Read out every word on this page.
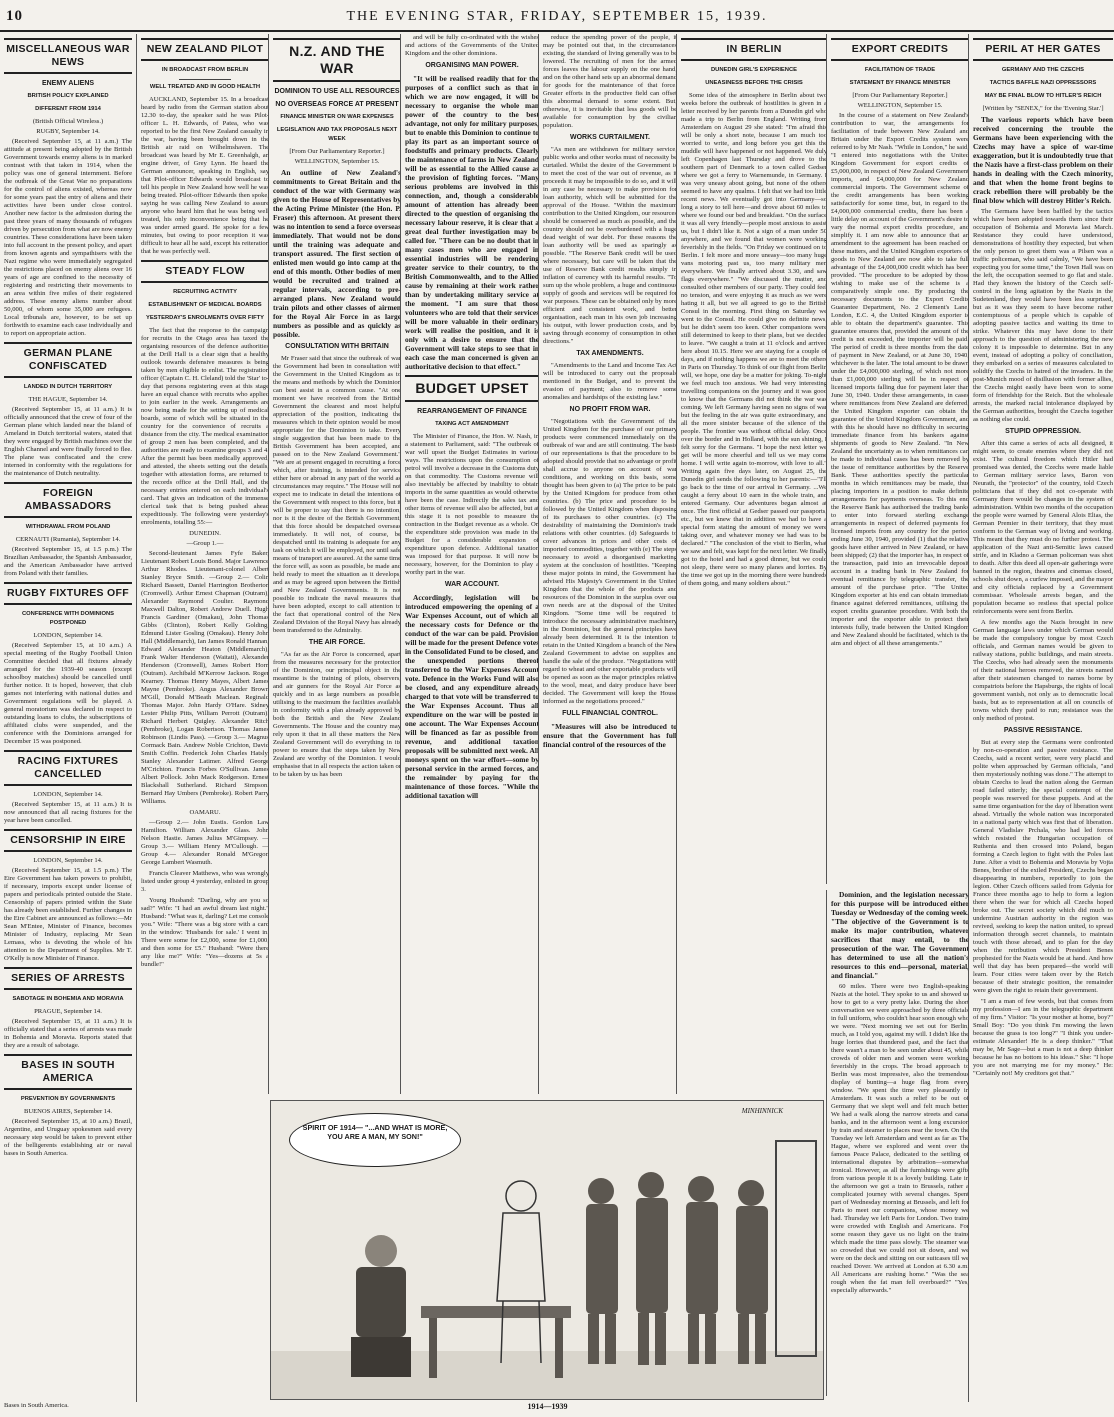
10	THE EVENING STAR, FRIDAY, SEPTEMBER 15, 1939.
MISCELLANEOUS WAR NEWS
ENEMY ALIENS
BRITISH POLICY EXPLAINED
DIFFERENT FROM 1914
(British Official Wireless.)
RUGBY, September 14.

(Received September 15, at 11 a.m.) The attitude at present being adopted by the British Government towards enemy aliens is in marked contrast with that taken in 1914, when the policy was one of general internment. Before the outbreak of the Great War no preparations for the control of aliens existed, whereas now for some years past the entry of aliens and their activities have been under close control. Another new factor is the admission during the past three years of many thousands of refugees driven by persecution from what are now enemy countries. These considerations have been taken into full account in the present policy, and apart from known agents and sympathisers with the Nazi regime who were immediately segregated the restrictions placed on enemy aliens over 16 years of age are confined to the necessity of registering and restricting their movements to an area within five miles of their registered address. These enemy aliens number about 50,000, of whom some 35,000 are refugees. Local tribunals are, however, to be set up forthwith to examine each case individually and to report on appropriate action.

GERMAN PLANE CONFISCATED
LANDED IN DUTCH TERRITORY
THE HAGUE, September 14.

(Received September 15, at 11 a.m.) It is officially announced that the crew of four of the German plane which landed near the Island of Ameland in Dutch territorial waters, stated that they were engaged by British machines over the English Channel and were finally forced to flee. The plane was confiscated and the crew interned in conformity with the regulations for the maintenance of Dutch neutrality.

FOREIGN AMBASSADORS
WITHDRAWAL FROM POLAND
CERNAUTI (Rumania), September 14.

(Received September 15, at 1.5 p.m.) The Brazilian Ambassador, the Spanish Ambassador, and the American Ambassador have arrived from Poland with their families.

RUGBY FIXTURES OFF
CONFERENCE WITH DOMINIONS POSTPONED
LONDON, September 14.

(Received September 15, at 10 a.m.) A special meeting of the Rugby Football Union Committee decided that all fixtures already arranged for the 1939-40 season (except schoolboy matches) should be cancelled until further notice. It is hoped, however, that club games not interfering with national duties and Government regulations will be played. A general moratorium was declared in respect to outstanding loans to clubs, the subscriptions of affiliated clubs were suspended, and the conference with the Dominions arranged for December 15 was postponed.

RACING FIXTURES CANCELLED
LONDON, September 14.

(Received September 15, at 11 a.m.) It is now announced that all racing fixtures for the year have been cancelled.

CENSORSHIP IN EIRE
LONDON, September 14.

(Received September 15, at 1.5 p.m.) The Eire Government has taken powers to prohibit, if necessary, imports except under license of papers and periodicals printed outside the State. Censorship of papers printed within the State has already been established. Further changes in the Eire Cabinet are announced as follows:—Mr Sean M'Entee, Minister of Finance, becomes Minister of Industry, replacing Mr Sean Lemass, who is devoting the whole of his attention to the Department of Supplies. Mr T. O'Kelly is now Minister of Finance.

SERIES OF ARRESTS
SABOTAGE IN BOHEMIA AND MORAVIA
PRAGUE, September 14.

(Received September 15, at 11 a.m.) It is officially stated that a series of arrests was made in Bohemia and Moravia. Reports stated that they are a result of sabotage.

BASES IN SOUTH AMERICA
PREVENTION BY GOVERNMENTS
BUENOS AIRES, September 14.

(Received September 15, at 10 a.m.) Brazil, Argentine, and Uruguay spokesmen said every necessary step would be taken to prevent either of the belligerents establishing air or naval bases in South America.

NEW ZEALAND PILOT
IN BROADCAST FROM BERLIN
WELL TREATED AND IN GOOD HEALTH

AUCKLAND, September 15. In a broadcast heard by radio from the German station about 12.30 to-day, the speaker said he was Pilot-officer L. H. Edwards, of Patea, who was reported to be the first New Zealand casualty in the war, having been brought down in the British air raid on Wilhelmshaven. The broadcast was heard by Mr E. Greenhalgh, an engine driver, of Grey Lynn. He heard the German announcer, speaking in English, say that Pilot-officer Edwards would broadcast to tell his people in New Zealand how well he was being treated. Pilot-officer Edwards then spoke, saying he was calling New Zealand to assure anyone who heard him that he was being well treated, his only inconvenience being that he was under armed guard. He spoke for a few minutes, but owing to poor reception it was difficult to hear all he said, except his reiteration that he was perfectly well.

STEADY FLOW
RECRUITING ACTIVITY
ESTABLISHMENT OF MEDICAL BOARDS
YESTERDAY'S ENROLMENTS OVER FIFTY

The fact that the response to the campaign for recruits in the Otago area has taxed the organising resources of the defence authorities at the Drill Hall is a clear sign that a healthy outlook towards defensive measures is being taken by men eligible to enlist. The registration officer (Captain C. H. Cleland) told the 'Star' to-day that persons registering even at this stage have an equal chance with recruits who applied to join earlier in the week. Arrangements are now being made for the setting up of medical boards, some of which will be situated in the country for the convenience of recruits a distance from the city. The medical examination of group 2 men has been completed, and the authorities are ready to examine groups 3 and 4. After the permit has been medically approved, and attested, the sheets setting out the details, together with attestation forms, are returned to the records office at the Drill Hall, and the necessary entries entered on each individual's card. That gives an indication of the immense clerical task that is being pushed ahead expeditiously. The following were yesterday's enrolments, totalling 55:—

DUNEDIN.
—Group 1.—

Second-lieutenant James Fyfe Baker, Lieutenant Robert Louis Bond. Major Lawrence Arthur Rhodes. Lieutenant-colonel Albert Stanley Bryce Smith. —Group 2.— Colin Richard Bassett, Daniel Harrington Brotherton (Cromwell). Arthur Ernest Chapman (Outram), Alexander Raymond Coulter. Raymond Maxwell Dalton, Robert Andrew Duell. Hugh Francis Gardiner (Omakau), John Thomas Gibbs (Clinton), Robert Kelly Golding, Edmund Lister Gosling (Omakau). Henry John Hall (Middlemarch), Ian James Ronald Hannan, Edward Alexander Heaton (Middlemarch), Frank Walter Henderson (Waitati), Alexander Henderson (Cromwell), James Robert Horn (Outram). Archibald M'Kerrow Jackson. Roger Kearney. Thomas Henry Mayes, Albert James Mayne (Pembroke). Angus Alexander Brown M'Gill, Donald M'Beath Maclean. Reginald Thomas Major. John Hardy O'Hare. Sidney Lester Philip Pitts, William Perrott (Outram). Richard Herbert Quigley. Alexander Ritch (Pembroke), Logan Robertson. Thomas James Robinson (Lindis Pass). —Group 3.— Magnus Cormack Bain. Andrew Noble Crichton, David Smith Coffin. Frederick John Charles Hatsly. Stanley Alexander Latimer. Alfred George M'Crichton. Francis Forbes O'Sullivan. James Albert Pollock. John Mack Rodgerson. Ernest Blackshall Sutherland. Richard Simpson. Bernard Hay Umbers (Pembroke). Robert Parry Williams.

OAMARU.

—Group 2.— John Eustis. Gordon Law Hamilton. William Alexander Glass. John Nelson Hastie. James Julius M'Gimpsey. —Group 3.— William Henry M'Cullough. —Group 4.— Alexander Ronald M'Gregor. George Lambert Wasmuth.

Francis Cleaver Matthews, who was wrongly listed under group 4 yesterday, enlisted in group 3.

Young Husband: "Darling, why are you so sad?" Wife: "I had an awful dream last night." Husband: "What was it, darling? Let me console you." Wife: "There was a big store with a card in the window: 'Husbands for sale.' I went in. There were some for £2,000, some for £1,000, and then some for £5." Husband: "Were there any like me?" Wife: "Yes—dozens at 5s a bundle!"

N.Z. AND THE WAR
DOMINION TO USE ALL RESOURCES
NO OVERSEAS FORCE AT PRESENT
FINANCE MINISTER ON WAR EXPENSES
LEGISLATION AND TAX PROPOSALS NEXT WEEK
[From Our Parliamentary Reporter.]
WELLINGTON, September 15.

An outline of New Zealand's commitments to Great Britain and the conduct of the war with Germany was given to the House of Representatives by the Acting Prime Minister (the Hon. P. Fraser) this afternoon. At present there was no intention to send a force overseas immediately. That would not be done until the training was adequate and transport assured. The first section of enlisted men would go into camp at the end of this month. Other bodies of men would be recruited and trained at regular intervals, according to pre-arranged plans. New Zealand would train pilots and other classes of airmen for the Royal Air Force in as large numbers as possible and as quickly as possible.

CONSULTATION WITH BRITAIN

Mr Fraser said that since the outbreak of war the Government had been in consultation with the Government in the United Kingdom as to the means and methods by which the Dominion can best assist in a common cause. "At one moment we have received from the British Government the clearest and most helpful appreciation of the position, indicating the measures which in their opinion would be most appropriate for the Dominion to take. Every single suggestion that has been made to the British Government has been accepted, and passed on to the New Zealand Government." "We are at present engaged in recruiting a force which, after training, is intended for service either here or abroad in any part of the world as circumstances may require." The House will not expect me to indicate in detail the intentions of the Government with respect to this force, but it will be proper to say that there is no intention, nor is it the desire of the British Government, that this force should be despatched overseas immediately. It will not, of course, be despatched until its training is adequate for any task on which it will be employed, nor until safe means of transport are assured. At the same time the force will, as soon as possible, be made and held ready to meet the situation as it develops, and as may be agreed upon between the British and New Zealand Governments. It is not possible to indicate the naval measures that have been adopted, except to call attention to the fact that operational control of the New Zealand Division of the Royal Navy has already been transferred to the Admiralty.

THE AIR FORCE.

"As far as the Air Force is concerned, apart from the measures necessary for the protection of the Dominion, our principal object in the meantime is the training of pilots, observers, and air gunners for the Royal Air Force as quickly and in as large numbers as possible, utilising to the maximum the facilities available in conformity with a plan already approved by both the British and the New Zealand Governments. The House and the country may rely upon it that in all these matters the New Zealand Government will do everything in its power to ensure that the steps taken by New Zealand are worthy of the Dominion. I would emphasise that in all respects the action taken or to be taken by us has been

and will be fully co-ordinated with the wishes and actions of the Governments of the United Kingdom and the other dominions.

ORGANISING MAN POWER.

"It will be realised readily that for the purposes of a conflict such as that in which we are now engaged, it will be necessary to organise the whole man power of the country to the best advantage, not only for military purposes, but to enable this Dominion to continue to play its part as an important source of foodstuffs and primary products. Clearly the maintenance of farms in New Zealand will be as essential to the Allied cause as the provision of fighting forces. "Many serious problems are involved in this connection, and, though a considerable amount of attention has already been directed to the question of organising the necessary labour reserve, it is clear that a great deal further investigation may be called for. "There can be no doubt that in many cases men who are engaged in essential industries will be rendering greater service to their country, to the British Commonwealth, and to the Allied cause by remaining at their work rather than by undertaking military service at the moment. "I am sure that those volunteers who are told that their services will be more valuable in their ordinary work will realise the position, and it is only with a desire to ensure that the Government will take steps to see that in each case the man concerned is given an authoritative decision to that effect."

BUDGET UPSET
REARRANGEMENT OF FINANCE
TAXING ACT AMENDMENT

The Minister of Finance, the Hon. W. Nash, in a statement to Parliament, said: "The outbreak of war will upset the Budget Estimates in various ways. The restrictions upon the consumption of petrol will involve a decrease in the Customs duty on that commodity. The Customs revenue will also inevitably be affected by inability to obtain imports in the same quantities as would otherwise have been the case. Indirectly the sales tax and other items of revenue will also be affected, but at this stage it is not possible to measure the contraction in the Budget revenue as a whole. On the expenditure side provision was made in the Budget for a considerable expansion of expenditure upon defence. Additional taxation was imposed for that purpose. It will now be necessary, however, for the Dominion to play a worthy part in the war.

WAR ACCOUNT.

Accordingly, legislation will be introduced empowering the opening of a War Expenses Account, out of which all the necessary costs for Defence or the conduct of the war can be paid. Provision will be made for the present Defence votes in the Consolidated Fund to be closed, and the unexpended portions thereof transferred to the War Expenses Account vote. Defence in the Works Fund will also be closed, and any expenditure already charged to that vote will be transferred to the War Expenses Account. Thus all expenditure on the war will be posted in one account. The War Expenses Account will be financed as far as possible from revenue, and additional taxation proposals will be submitted next week. All moneys spent on the war effort—some by personal service in the armed forces, and the remainder by paying for the maintenance of those forces. "While the additional taxation will

reduce the spending power of the people, it may be pointed out that, in the circumstances existing, the standard of living generally was to be lowered. The recruiting of men for the armed forces leaves the labour supply on the one hand, and on the other hand sets up an abnormal demand for goods for the maintenance of that force. Greater efforts in the productive field can offset this abnormal demand to some extent. But, otherwise, it is inevitable that less goods will be available for consumption by the civilian population.

WORKS CURTAILMENT.

"As men are withdrawn for military service, public works and other works must of necessity be curtailed. Whilst the desire of the Government is to meet the cost of the war out of revenue, as it proceeds it may be impossible to do so, and it will in any case be necessary to make provision for loan authority, which will be submitted for the approval of the House. "Within the maximum contribution to the United Kingdom, our resources should be conserved as much as possible, and the country should not be overburdened with a huge dead weight of war debt. For these reasons the loan authority will be used as sparingly as possible. "The Reserve Bank credit will be used where necessary, but care will be taken that the use of Reserve Bank credit results simply in inflation of currency with its harmful results. "To sum up the whole problem, a huge and continuous supply of goods and services will be required for war purposes. These can be obtained only by more efficient and consistent work, and better organisation, each man in his own job increasing his output, with lower production costs, and by saving through economy of consumption in other directions."

TAX AMENDMENTS.

"Amendments to the Land and Income Tax Act will be introduced to carry out the proposals mentioned in the Budget, and to prevent the evasion of payment; also to remove some anomalies and hardships of the existing law."

NO PROFIT FROM WAR.

"Negotiations with the Government of the United Kingdom for the purchase of our primary products were commenced immediately on the outbreak of war and are still continuing. The basis of our representations is that the procedure to be adopted should provide that no advantage or profit shall accrue to anyone on account of war conditions, and working on this basis, some thought has been given to (a) The price to be paid by the United Kingdom for produce from other countries. (b) The price and procedure to be followed by the United Kingdom when disposing of its purchases to other countries. (c) The desirability of maintaining the Dominion's trade relations with other countries. (d) Safeguards to cover advances in prices and other costs of imported commodities, together with (e) The steps necessary to avoid a disorganised marketing system at the conclusion of hostilities. "Keeping these major points in mind, the Government has advised His Majesty's Government in the United Kingdom that the whole of the products and resources of the Dominion in the surplus over our own needs are at the disposal of the United Kingdom. "Some time will be required to introduce the necessary administrative machinery in the Dominion, but the general principles have already been determined. It is the intention to retain in the United Kingdom a branch of the New Zealand Government to advise on supplies and handle the sale of the produce. "Negotiations with regard to wheat and other exportable products will be opened as soon as the major principles relative to the wool, meat, and dairy produce have been decided. The Government will keep the House informed as the negotiations proceed."

FULL FINANCIAL CONTROL.

"Measures will also be introduced to ensure that the Government has full financial control of the resources of the

IN BERLIN
DUNEDIN GIRL'S EXPERIENCE
UNEASINESS BEFORE THE CRISIS

Some idea of the atmosphere in Berlin about two weeks before the outbreak of hostilities is given in a letter received by her parents from a Dunedin girl who made a trip to Berlin from England. Writing from Amsterdam on August 29 she stated: "I'm afraid this will be only a short note, because I am much too worried to write, and long before you get this the muddle will have happened or not happened. We duly left Copenhagen last Thursday and drove to the southern part of Denmark to a town called Gedser where we got a ferry to Warnemunde, in Germany. I was very uneasy about going, but none of the others seemed to have any qualms. I felt that we had too little recent news. We eventually got into Germany—so long a story to tell here—and drove about 60 miles to where we found our bed and breakfast. "On the surface it was all very friendly—people most anxious to assist us, but I didn't like it. Not a sign of a man under 50 anywhere, and we found that women were working feverishly in the fields. "On Friday we continued on to Berlin. I felt more and more uneasy—too many huge vans motoring past us, too many military men everywhere. We finally arrived about 3.30, and saw flags everywhere." "We discussed the matter, and consulted other members of our party. They could feel no tension, and were enjoying it as much as we were hating it all, but we all agreed to go to the British Consul in the morning. First thing on Saturday we went to the Consul. He could give no definite news, but he didn't seem too keen. Other companions were still determined to keep to their plans, but we decided to leave. "We caught a train at 11 o'clock and arrived here about 10.15. Here we are staying for a couple of days, and if nothing happens we are to meet the others in Paris on Thursday. To think of our flight from Berlin will, we hope, one day be a matter for joking. To-night we feel much too anxious. We had very interesting travelling companions on the journey and it was good to know that the Germans did not think the war was coming. We left Germany having seen no signs of war but the feeling in the air was quite extraordinary, and all the more sinister because of the silence of the people. The frontier was without official delay. Once over the border and in Holland, with the sun shining, I felt sorry for the Germans. "I hope the next letter we get will be more cheerful and tell us we may come home. I will write again to-morrow, with love to all." Writing again five days later, on August 25, the Dunedin girl sends the following to her parents:—"I'll go back to the time of our arrival in Germany. ...We caught a ferry about 10 earn in the whole train, and entered Germany. Our adventures began almost at once. The first official at Gedser passed our passports, etc., but we knew that in addition we had to have a special form stating the amount of money we were taking over, and whatever money we had was to be declared." "The conclusion of the visit to Berlin, what we saw and felt, was kept for the next letter. We finally got to the hotel and had a good dinner, but we could not sleep, there were so many planes and lorries. By the time we got up in the morning there were hundreds of them going, and many soldiers about."

Dominion, and the legislation necessary for this purpose will be introduced either Tuesday or Wednesday of the coming week. "The objective of the Government is to make its major contribution, whatever sacrifices that may entail, to the prosecution of the war. The Government has determined to use all the nation's resources to this end—personal, material, and financial."

60 miles. There were two English-speaking Nazis at the hotel. They spoke to us and showed us how to get to a very pretty lake. During the short conversation we were approached by three officials in full uniform, who couldn't hear soon enough who we were. "Next morning we set out for Berlin, much, as I told you, against my will. I didn't like the huge lorries that thundered past, and the fact that there wasn't a man to be seen under about 45, while crowds of older men and women were working feverishly in the crops. The broad approach to Berlin was most impressive, also the tremendous display of bunting—a huge flag from every window. "We spent the time very pleasantly in Amsterdam. It was such a relief to be out of Germany that we slept well and felt much better. We had a walk along the narrow streets and canal banks, and in the afternoon went a long excursion by train and steamer to places near the town. On the Tuesday we left Amsterdam and went as far as The Hague, where we explored and went over the famous Peace Palace, dedicated to the settling of international disputes by arbitration—somewhat ironical. However, as all the furnishings were gifts from various people it is a lovely building. Late in the afternoon we got a train to Brussels, rather a complicated journey with several changes. Spent part of Wednesday morning at Brussels, and left for Paris to meet our companions, whose money we had. Thursday we left Paris for London. Two trains were crowded with English and Americans. For some reason they gave us no light on the trains which made the time pass slowly. The steamer was so crowded that we could not sit down, and we were on the deck and sitting on our suitcases till we reached Dover. We arrived at London at 6.30 a.m. All Americans are rushing home." "Was the sea rough when the fat man fell overboard?" "Yes, especially afterwards."

EXPORT CREDITS
FACILITATION OF TRADE
STATEMENT BY FINANCE MINISTER
[From Our Parliamentary Reporter.]
WELLINGTON, September 15.

In the course of a statement on New Zealand's contribution to war, the arrangements for facilitation of trade between New Zealand and Britain under the Export Credits system were referred to by Mr Nash. "While in London," he said, "I entered into negotiations with the United Kingdom Government for export credits of £5,000,000, in respect of New Zealand Government imports, and £4,000,000 for New Zealand commercial imports. The Government scheme of the credit arrangements has been working satisfactorily for some time, but, in regard to the £4,000,000 commercial credits, there has been a little delay on account of the Government's desire to vary the normal export credits procedure, and simplify it. I am now able to announce that an amendment to the agreement has been reached on these matters, and the United Kingdom exporters of goods to New Zealand are now able to take full advantage of the £4,000,000 credit which has been provided. "The procedure to be adopted by those wishing to make use of the scheme is a comparatively simple one. By producing the necessary documents to the Export Credits Guarantee Department, No. 2 Clement's Lane, London, E.C. 4, the United Kingdom exporter is able to obtain the department's guarantee. This guarantee ensures that, provided the amount of the credit is not exceeded, the importer will be paid. The period of credit is three months from the date of payment in New Zealand, or at June 30, 1940, whichever is the later. The total amount to be drawn under the £4,000,000 sterling, of which not more than £1,000,000 sterling will be in respect of licensed imports falling due for payment later than June 30, 1940. Under these arrangements, in cases where remittances from New Zealand are deferred, the United Kingdom exporter can obtain the guarantee of the United Kingdom Government, and with this he should have no difficulty in securing immediate finance from his bankers against shipments of goods to New Zealand. "In New Zealand the uncertainty as to when remittances can be made to individual cases has been removed by the issue of remittance authorities by the Reserve Bank. These authorities specify the particular months in which remittances may be made, thus placing importers in a position to make definite arrangements for payments overseas. To this end the Reserve Bank has authorised the trading banks to enter into forward sterling exchange arrangements in respect of deferred payments for licensed imports from any country for the period ending June 30, 1940, provided (1) that the relative goods have either arrived in New Zealand, or have been shipped; (2) that the importer has, in respect of the transaction, paid into an irrevocable deposit account in a trading bank in New Zealand for eventual remittance by telegraphic transfer, the amount of the purchase price. "The United Kingdom exporter at his end can obtain immediate finance against deferred remittances, utilising the export credits guarantee procedure. With both the importer and the exporter able to protect their interests fully, trade between the United Kingdom and New Zealand should be facilitated, which is the aim and object of all these arrangements."

PERIL AT HER GATES
GERMANY AND THE CZECHS
TACTICS BAFFLE NAZI OPPRESSORS
MAY BE FINAL BLOW TO HITLER'S REICH
[Written by "SENEX," for the 'Evening Star.']

The various reports which have been received concerning the trouble the Germans have been experiencing with the Czechs may have a spice of war-time exaggeration, but it is undoubtedly true that the Nazis have a first-class problem on their hands in dealing with the Czech minority, and that when the home front begins to crack rebellion there will probably be the final blow which will destroy Hitler's Reich.

The Germans have been baffled by the tactics which have been adopted towards them since their occupation of Bohemia and Moravia last March. Resistance they could have understood, demonstrations of hostility they expected, but when the only person to greet them was a Pilsen was a traffic policeman, who said calmly, "We have been expecting you for some time," the Town Hall was on the left, the occupation seemed to go flat and stale. Had they known the history of the Czech self-control in the long agitation by the Nazis in the Sudetenland, they would have been less surprised, but as it was they seem to have become rather contemptuous of a people which is capable of adopting passive tactics and waiting its time to strike. Whatever this may have done to their approach to the question of administering the new colony it is impossible to determine. But in any event, instead of adopting a policy of conciliation, they embarked on a series of measures calculated to solidify the Czechs in hatred of the invaders. In the post-Munich mood of disillusion with former allies, the Czechs might easily have been won to some form of friendship for the Reich. But the wholesale arrests, the marked racial intolerance displayed by the German authorities, brought the Czechs together as nothing else could.

STUPID OPPRESSION.

After this came a series of acts all designed, it might seem, to create enemies where they did not exist. The cultural freedom which Hitler had promised was denied, the Czechs were made liable to German military service laws, Baron von Neurath, the "protector" of the country, told Czech politicians that if they did not co-operate with Germany there would be changes in the system of administration. Within two months of the occupation the people were warned by General Alois Elias, the German Premier in their territory, that they must conform to the German way of living and working. This meant that they must do no further protest. The application of the Nazi anti-Semitic laws caused strife, and in Kladno a German policeman was shot to death. After this deed all open-air gatherings were banned in the region, theatres and cinemas closed, schools shut down, a curfew imposed, and the mayor and city officials replaced by a Government commissar. Wholesale arrests began, and the population became so restless that special police reinforcements were sent from Berlin.

A few months ago the Nazis brought in new German language laws under which German would be made the compulsory tongue by most Czech officials, and German names would be given to railway stations, public buildings, and main streets. The Czechs, who had already seen the monuments of their national heroes removed, the streets named after their statesmen changed to names borne by compatriots before the Hapsburgs, the rights of local government vanish, not only as to democratic local basis, but as to representation at all on councils of towns which they paid to run; resistance was the only method of protest.

PASSIVE RESISTANCE.

But at every step the Germans were confronted by non-co-operation and passive resistance. The Czechs, said a recent writer, were very placid and polite when approached by German officials, "and then mysteriously nothing was done." The attempt to obtain Czechs to lead the nation along the German road failed utterly; the special contempt of the people was reserved for these puppets. And at the same time organisation for the day of liberation went ahead. Virtually the whole nation was incorporated in a national party which was first that of liberation. General Vladislav Prchala, who had led forces which resisted the Hungarian occupation of Ruthenia and then crossed into Poland, began forming a Czech legion to fight with the Poles last June. After a visit to Bohemia and Moravia by Vojta Benes, brother of the exiled President, Czechs began disappearing in numbers, reportedly to join the legion. Other Czech officers sailed from Gdynia for France three months ago to help to form a legion there when the war for which all Czechs hoped broke out. The secret society which did much to undermine Austrian authority in the region was revived, seeking to keep the nation united, to spread information through secret channels, to maintain touch with those abroad, and to plan for the day when the retribution which President Benes prophesied for the Nazis would be at hand. And how well that day has been prepared—the world will learn. Four cities were taken over by the Reich because of their strategic position, the remainder were given the right to retain their government.

"I am a man of few words, but that comes from my profession—I am in the telegraphic department of my firm." Visitor: "Is your mother at home, boy?" Small Boy: "Do you think I'm mowing the lawn because the grass is too long?" "I think you under-estimate Alexander! He is a deep thinker." "That may be, Mr Sage—but a man is not a deep thinker because he has no bottom to his ideas." She: "I hope you are not marrying me for my money." He: "Certainly not! My creditors got that."

SPIRIT OF 1914— "...AND WHAT IS MORE, YOU ARE A MAN, MY SON!"
MINHINNICK
1914—1939
Bases in South America.
